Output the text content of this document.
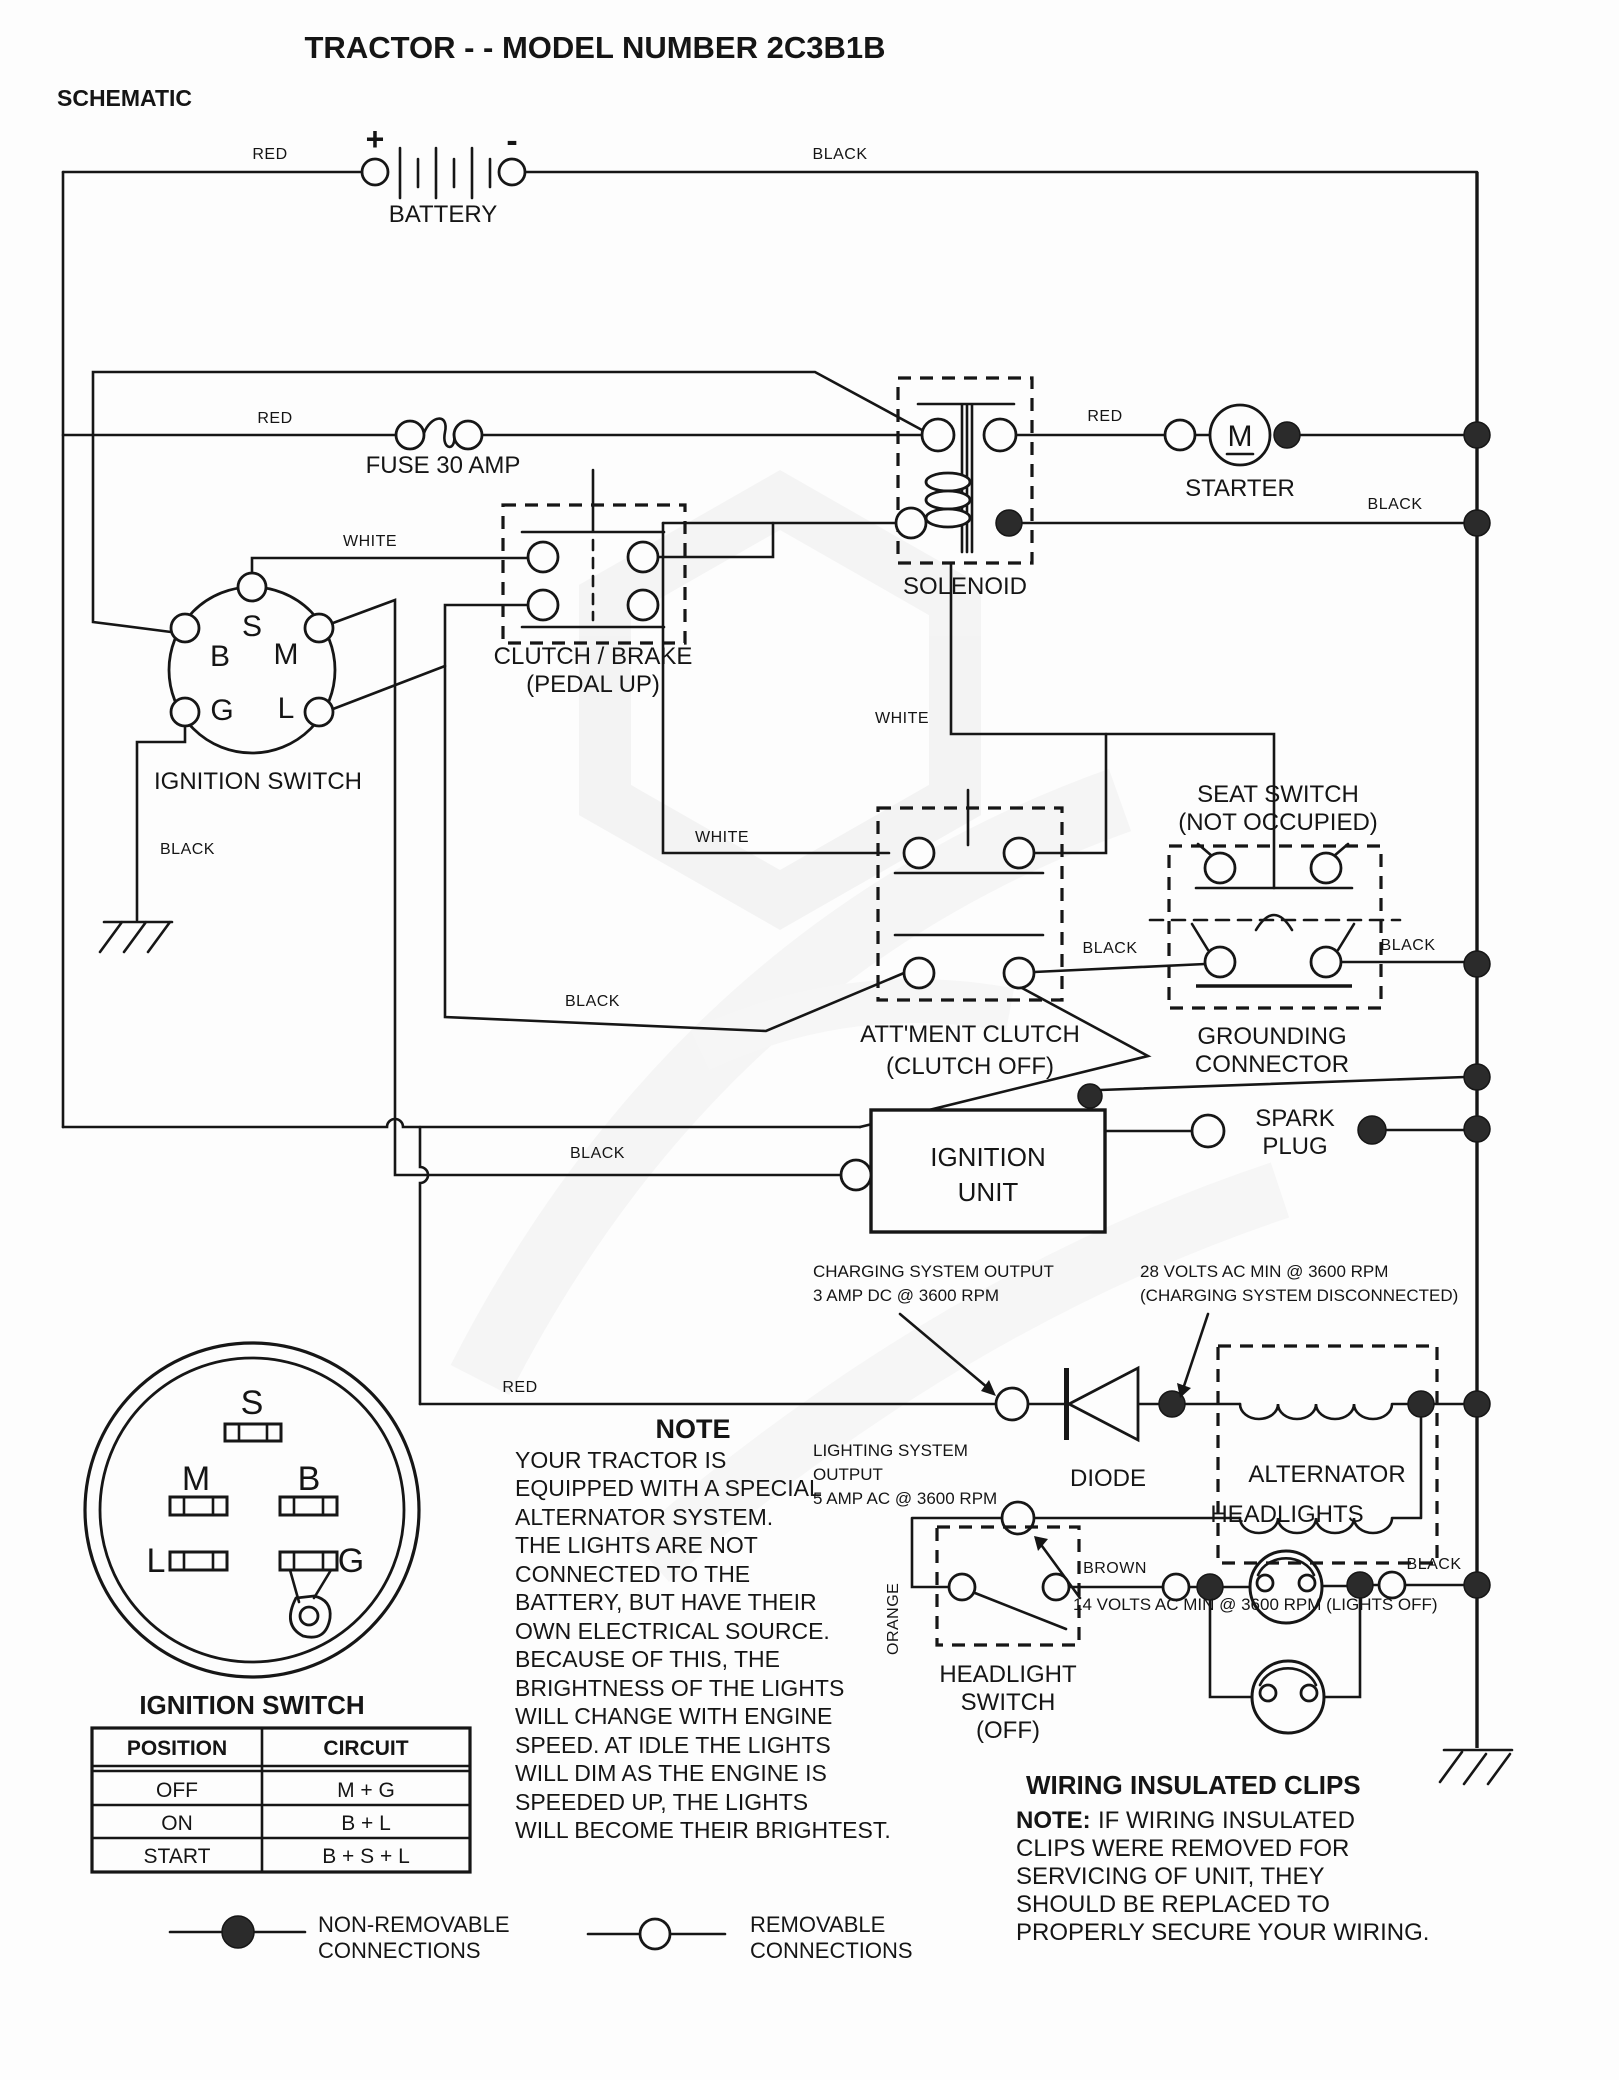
TRACTOR - - MODEL NUMBER 2C3B1B
SCHEMATIC
+	-
BATTERY
RED	BLACK
RED
FUSE 30 AMP
SOLENOID
RED
M
STARTER
BLACK
WHITE
S
B M
G L
IGNITION SWITCH
BLACK
CLUTCH / BRAKE
(PEDAL UP)
WHITE
SEAT SWITCH
(NOT OCCUPIED)
WHITE
BLACK	BLACK
ATT'MENT CLUTCH
(CLUTCH OFF)
GROUNDING
CONNECTOR
BLACK
BLACK	IGNITION
UNIT
SPARK
PLUG
CHARGING SYSTEM OUTPUT
3 AMP DC @ 3600 RPM
28 VOLTS AC MIN @ 3600 RPM
(CHARGING SYSTEM DISCONNECTED)
RED
DIODE	ALTERNATOR
LIGHTING SYSTEM
OUTPUT
5 AMP AC @ 3600 RPM
14 VOLTS AC MIN @ 3600 RPM (LIGHTS OFF)
ORANGE
BROWN
HEADLIGHTS
BLACK
HEADLIGHT
SWITCH
(OFF)
S
M	B
L	G
IGNITION SWITCH
POSITION	CIRCUIT
OFF	M + G
ON	B + L
START	B + S + L
NOTE
YOUR TRACTOR IS
EQUIPPED WITH A SPECIAL
ALTERNATOR SYSTEM.
THE LIGHTS ARE NOT
CONNECTED TO THE
BATTERY, BUT HAVE THEIR
OWN ELECTRICAL SOURCE.
BECAUSE OF THIS, THE
BRIGHTNESS OF THE LIGHTS
WILL CHANGE WITH ENGINE
SPEED. AT IDLE THE LIGHTS
WILL DIM AS THE ENGINE IS
SPEEDED UP, THE LIGHTS
WILL BECOME THEIR BRIGHTEST.
WIRING INSULATED CLIPS
NOTE: IF WIRING INSULATED
CLIPS WERE REMOVED FOR
SERVICING OF UNIT, THEY
SHOULD BE REPLACED TO
PROPERLY SECURE YOUR WIRING.
NON-REMOVABLE
CONNECTIONS
REMOVABLE
CONNECTIONS
